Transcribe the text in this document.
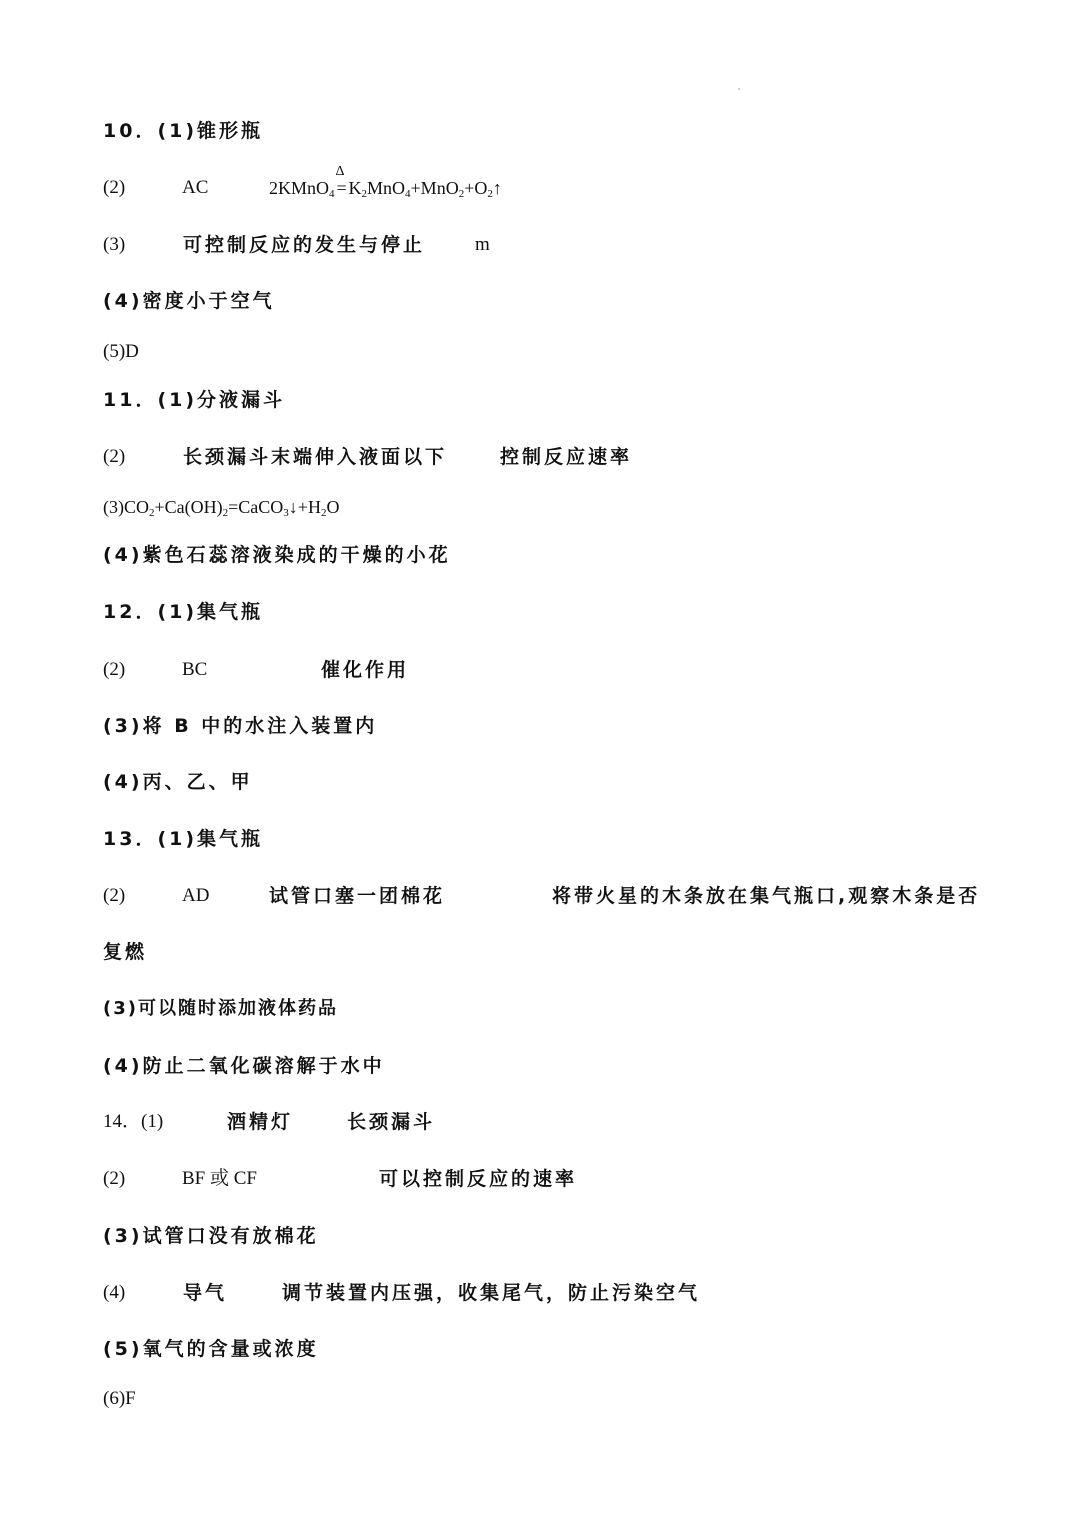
10．(1)锥形瓶
(2)	AC	2KMnO$_4$
Δ
= $K_2MnO_4+MnO_2+O_2↑$
(3)	可控制反应的发生与停止	m
(4)密度小于空气
(5)D
11．(1)分液漏斗
(2)	长颈漏斗末端伸入液面以下	控制反应速率
$(3)CO_2+Ca(OH)_2=CaCO_3↓+H_2O$
(4)紫色石蕊溶液染成的干燥的小花
12．(1)集气瓶
(2)	BC	催化作用
(3)将 B 中的水注入装置内
(4)丙、乙、甲
13．(1)集气瓶
(2)	AD	试管口塞一团棉花	将带火星的木条放在集气瓶口,观察木条是否
复燃
(3)可以随时添加液体药品
(4)防止二氧化碳溶解于水中
14．(1)	酒精灯	长颈漏斗
(2)	BF 或 CF	可以控制反应的速率
(3)试管口没有放棉花
(4)	导气	调节装置内压强，收集尾气，防止污染空气
(5)氧气的含量或浓度
(6)F
